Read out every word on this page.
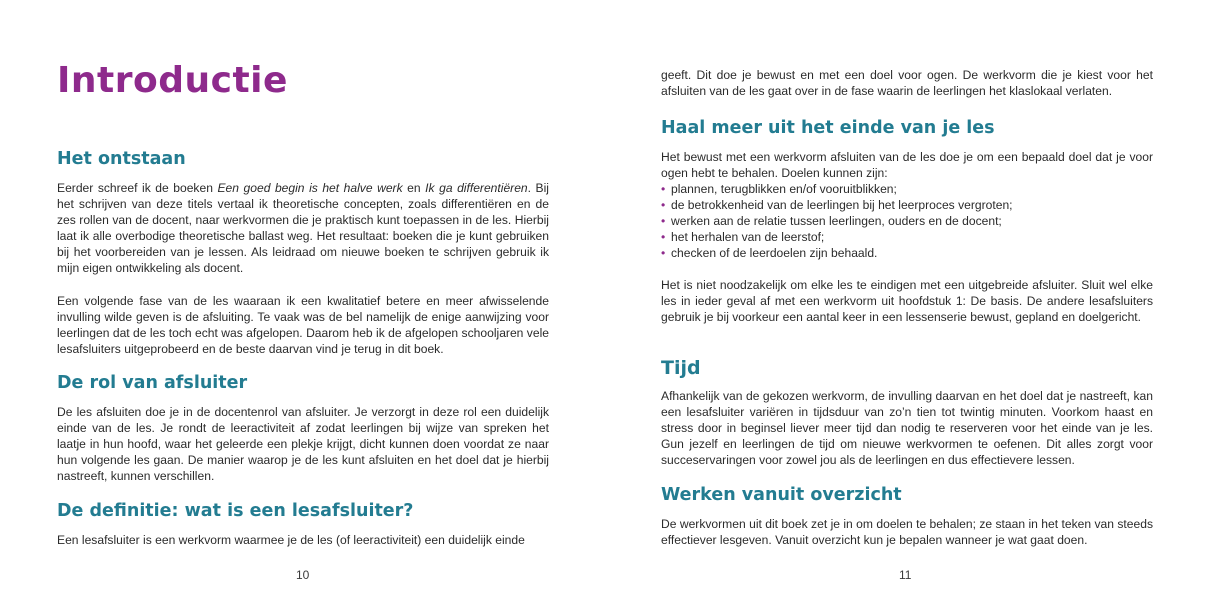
Introductie
Het ontstaan

Eerder schreef ik de boeken Een goed begin is het halve werk en Ik ga differentiëren. Bij het schrijven van deze titels vertaal ik theoretische concepten, zoals differentiëren en de zes rollen van de docent, naar werkvormen die je praktisch kunt toepassen in de les. Hierbij laat ik alle overbodige theoretische ballast weg. Het resultaat: boeken die je kunt gebruiken bij het voorbereiden van je lessen. Als leidraad om nieuwe boeken te schrijven gebruik ik mijn eigen ontwikkeling als docent.

Een volgende fase van de les waaraan ik een kwalitatief betere en meer afwisselende invulling wilde geven is de afsluiting. Te vaak was de bel namelijk de enige aanwijzing voor leerlingen dat de les toch echt was afgelopen. Daarom heb ik de afgelopen schooljaren vele lesafsluiters uitgeprobeerd en de beste daarvan vind je terug in dit boek.

De rol van afsluiter

De les afsluiten doe je in de docentenrol van afsluiter. Je verzorgt in deze rol een duidelijk einde van de les. Je rondt de leeractiviteit af zodat leerlingen bij wijze van spreken het laatje in hun hoofd, waar het geleerde een plekje krijgt, dicht kunnen doen voordat ze naar hun volgende les gaan. De manier waarop je de les kunt afsluiten en het doel dat je hierbij nastreeft, kunnen verschillen.

De definitie: wat is een lesafsluiter?

Een lesafsluiter is een werkvorm waarmee je de les (of leeractiviteit) een duidelijk einde

10

geeft. Dit doe je bewust en met een doel voor ogen. De werkvorm die je kiest voor het afsluiten van de les gaat over in de fase waarin de leerlingen het klaslokaal verlaten.

Haal meer uit het einde van je les

Het bewust met een werkvorm afsluiten van de les doe je om een bepaald doel dat je voor ogen hebt te behalen. Doelen kunnen zijn:

• plannen, terugblikken en/of vooruitblikken;
• de betrokkenheid van de leerlingen bij het leerproces vergroten;
• werken aan de relatie tussen leerlingen, ouders en de docent;
• het herhalen van de leerstof;
• checken of de leerdoelen zijn behaald.

Het is niet noodzakelijk om elke les te eindigen met een uitgebreide afsluiter. Sluit wel elke les in ieder geval af met een werkvorm uit hoofdstuk 1: De basis. De andere lesafsluiters gebruik je bij voorkeur een aantal keer in een lessenserie bewust, gepland en doelgericht.

Tijd

Afhankelijk van de gekozen werkvorm, de invulling daarvan en het doel dat je nastreeft, kan een lesafsluiter variëren in tijdsduur van zo’n tien tot twintig minuten. Voorkom haast en stress door in beginsel liever meer tijd dan nodig te reserveren voor het einde van je les. Gun jezelf en leerlingen de tijd om nieuwe werkvormen te oefenen. Dit alles zorgt voor succeservaringen voor zowel jou als de leerlingen en dus effectievere lessen.

Werken vanuit overzicht

De werkvormen uit dit boek zet je in om doelen te behalen; ze staan in het teken van steeds effectiever lesgeven. Vanuit overzicht kun je bepalen wanneer je wat gaat doen.

11
